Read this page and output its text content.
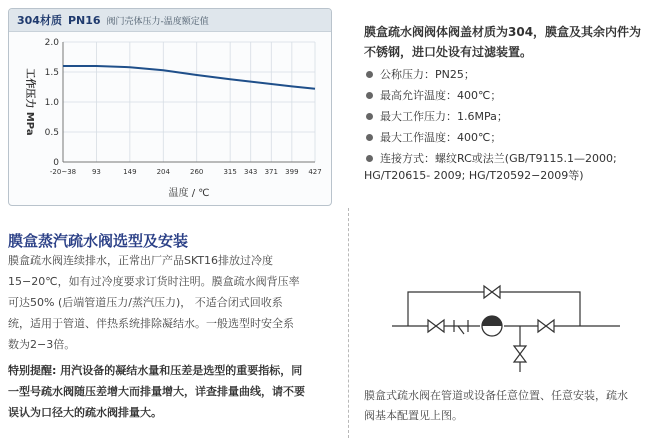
304材质 PN16 阀门壳体压力-温度额定值
0
0.5
1.0
1.5
2.0
-20~38 93	149	204	260	315 343 371 399 427
温度 / ℃
工作压力 MPa

膜盒疏水阀阀体阀盖材质为304，膜盒及其余内件为不锈钢，进口处设有过滤装置。

公称压力：PN25；
最高允许温度：400℃；
最大工作压力：1.6MPa；
最大工作温度：400℃；
连接方式：螺纹RC或法兰(GB/T9115.1—2000;
HG/T20615- 2009; HG/T20592−2009等)
膜盒蒸汽疏水阀选型及安装
膜盒疏水阀连续排水，正常出厂产品SKT16排放过冷度15−20℃，如有过冷度要求订货时注明。膜盒疏水阀背压率 可达50% (后端管道压力/蒸汽压力)， 不适合闭式回收系统，适用于管道、伴热系统排除凝结水。一般选型时安全系数为2−3倍。
特别提醒: 用汽设备的凝结水量和压差是选型的重要指标，同一型号疏水阀随压差增大而排量增大，详查排量曲线，请不要误认为口径大的疏水阀排量大。
膜盒式疏水阀在管道或设备任意位置、任意安装，疏水阀基本配置见上图。
